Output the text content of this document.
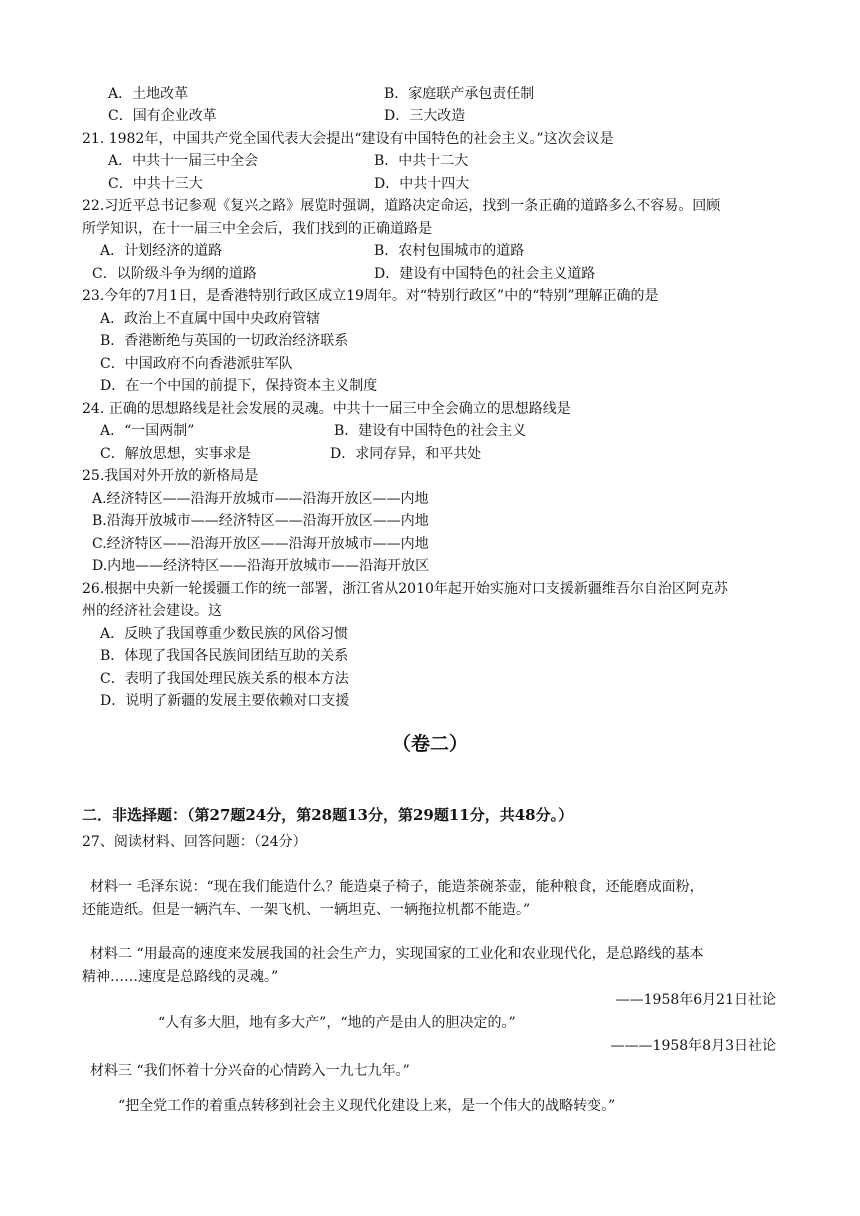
A．土地改革	B．家庭联产承包责任制
C．国有企业改革	D．三大改造
21. 1982年，中国共产党全国代表大会提出“建设有中国特色的社会主义。”这次会议是
A．中共十一届三中全会	B．中共十二大
C．中共十三大	D．中共十四大
22.习近平总书记参观《复兴之路》展览时强调，道路决定命运，找到一条正确的道路多么不容易。回顾
所学知识，在十一届三中全会后，我们找到的正确道路是
A．计划经济的道路	B．农村包围城市的道路
C．以阶级斗争为纲的道路	D．建设有中国特色的社会主义道路
23.今年的7月1日，是香港特别行政区成立19周年。对“特别行政区”中的“特别”理解正确的是
A．政治上不直属中国中央政府管辖
B．香港断绝与英国的一切政治经济联系
C．中国政府不向香港派驻军队
D．在一个中国的前提下，保持资本主义制度
24. 正确的思想路线是社会发展的灵魂。中共十一届三中全会确立的思想路线是
A．“一国两制”	B．建设有中国特色的社会主义
C．解放思想，实事求是	D．求同存异，和平共处
25.我国对外开放的新格局是
A.经济特区——沿海开放城市——沿海开放区——内地
B.沿海开放城市——经济特区——沿海开放区——内地
C.经济特区——沿海开放区——沿海开放城市——内地
D.内地——经济特区——沿海开放城市——沿海开放区
26.根据中央新一轮援疆工作的统一部署，浙江省从2010年起开始实施对口支援新疆维吾尔自治区阿克苏
州的经济社会建设。这
A．反映了我国尊重少数民族的风俗习惯
B．体现了我国各民族间团结互助的关系
C．表明了我国处理民族关系的根本方法
D．说明了新疆的发展主要依赖对口支援
（卷二）
二．非选择题：（第27题24分，第28题13分，第29题11分，共48分。）
27、阅读材料、回答问题：（24分）
材料一 毛泽东说：“现在我们能造什么？能造桌子椅子，能造茶碗茶壶，能种粮食，还能磨成面粉，
还能造纸。但是一辆汽车、一架飞机、一辆坦克、一辆拖拉机都不能造。”
材料二 “用最高的速度来发展我国的社会生产力，实现国家的工业化和农业现代化，是总路线的基本
精神……速度是总路线的灵魂。”
——1958年6月21日社论
“人有多大胆，地有多大产”，“地的产是由人的胆决定的。”
———1958年8月3日社论
材料三 “我们怀着十分兴奋的心情跨入一九七九年。”
“把全党工作的着重点转移到社会主义现代化建设上来，是一个伟大的战略转变。”
